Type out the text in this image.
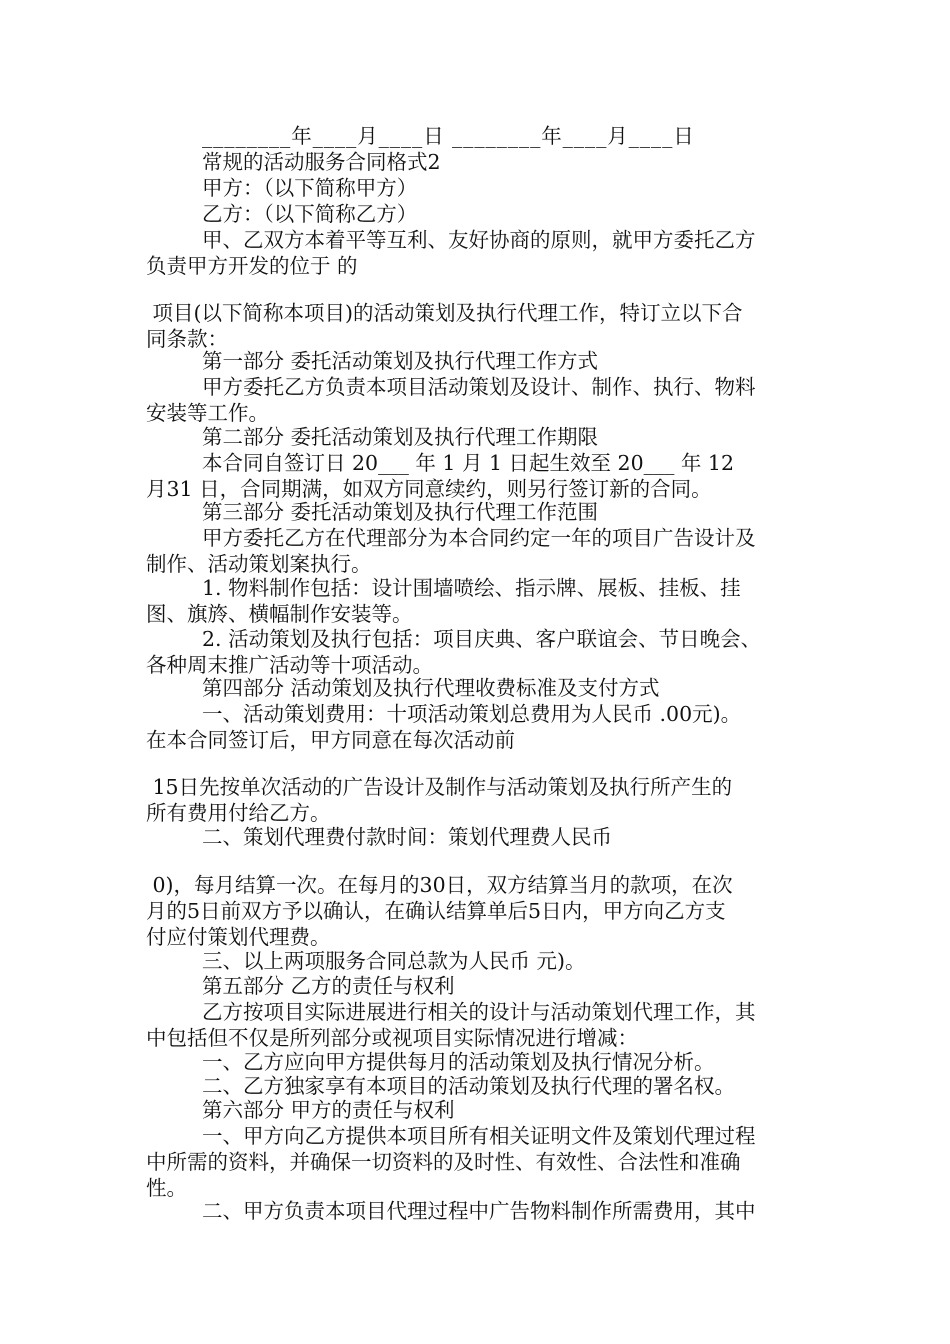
________年____月____日 ________年____月____日
常规的活动服务合同格式2
甲方：（以下简称甲方）
乙方：（以下简称乙方）
甲、乙双方本着平等互利、友好协商的原则，就甲方委托乙方
负责甲方开发的位于 的
项目(以下简称本项目)的活动策划及执行代理工作，特订立以下合
同条款：
第一部分 委托活动策划及执行代理工作方式
甲方委托乙方负责本项目活动策划及设计、制作、执行、物料
安装等工作。
第二部分 委托活动策划及执行代理工作期限
本合同自签订日 20___ 年 1 月 1 日起生效至 20___ 年 12
月31 日，合同期满，如双方同意续约，则另行签订新的合同。
第三部分 委托活动策划及执行代理工作范围
甲方委托乙方在代理部分为本合同约定一年的项目广告设计及
制作、活动策划案执行。
1. 物料制作包括：设计围墙喷绘、指示牌、展板、挂板、挂
图、旗旍、横幅制作安装等。
2. 活动策划及执行包括：项目庆典、客户联谊会、节日晚会、
各种周末推广活动等十项活动。
第四部分 活动策划及执行代理收费标准及支付方式
一、活动策划费用：十项活动策划总费用为人民币 .00元)。
在本合同签订后，甲方同意在每次活动前
15日先按单次活动的广告设计及制作与活动策划及执行所产生的
所有费用付给乙方。
二、策划代理费付款时间：策划代理费人民币
0)，每月结算一次。在每月的30日，双方结算当月的款项，在次
月的5日前双方予以确认，在确认结算单后5日内，甲方向乙方支
付应付策划代理费。
三、以上两项服务合同总款为人民币 元)。
第五部分 乙方的责任与权利
乙方按项目实际进展进行相关的设计与活动策划代理工作，其
中包括但不仅是所列部分或视项目实际情况进行增减：
一、乙方应向甲方提供每月的活动策划及执行情况分析。
二、乙方独家享有本项目的活动策划及执行代理的署名权。
第六部分 甲方的责任与权利
一、甲方向乙方提供本项目所有相关证明文件及策划代理过程
中所需的资料，并确保一切资料的及时性、有效性、合法性和准确
性。
二、甲方负责本项目代理过程中广告物料制作所需费用，其中
